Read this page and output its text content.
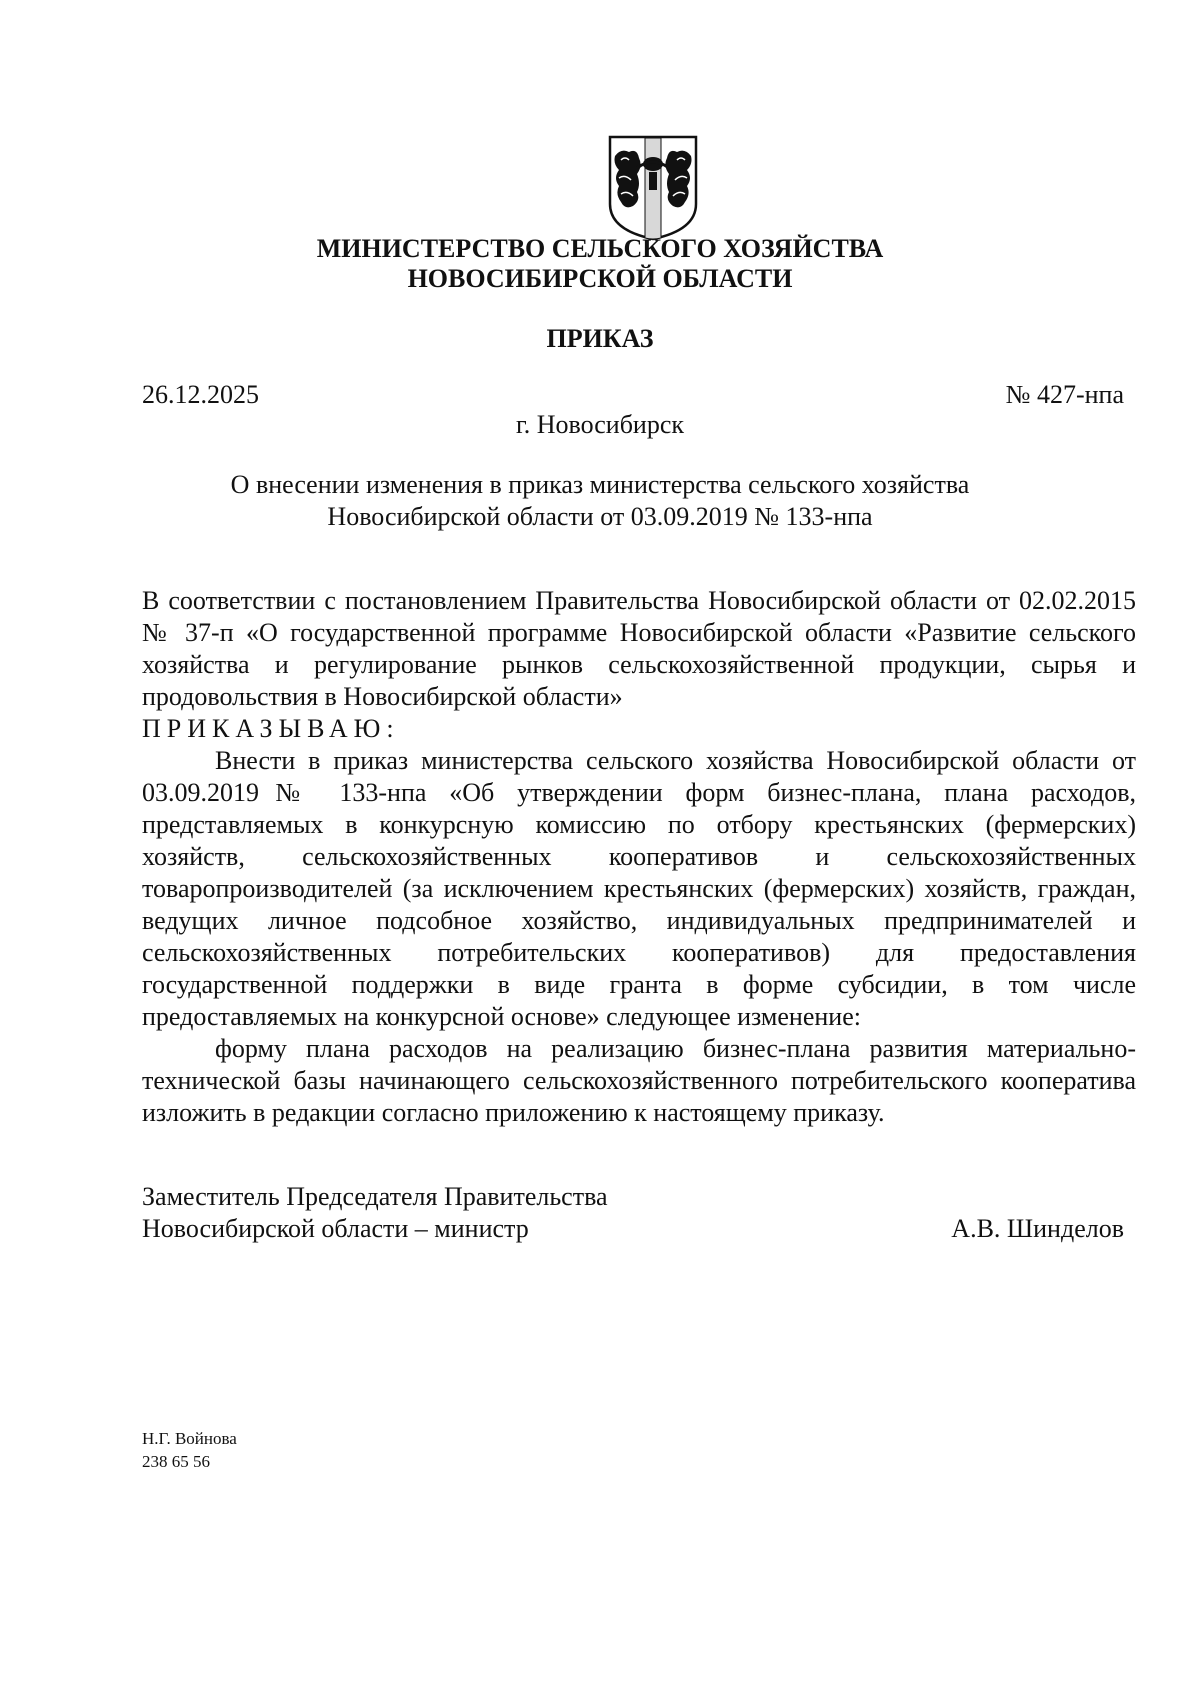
МИНИСТЕРСТВО СЕЛЬСКОГО ХОЗЯЙСТВА
НОВОСИБИРСКОЙ ОБЛАСТИ
ПРИКАЗ
26.12.2025	№ 427-нпа
г. Новосибирск
О внесении изменения в приказ министерства сельского хозяйства
Новосибирской области от 03.09.2019 № 133-нпа

В соответствии с постановлением Правительства Новосибирской области от 02.02.2015 № 37-п «О государственной программе Новосибирской области «Развитие сельского хозяйства и регулирование рынков сельскохозяйственной продукции, сырья и продовольствия в Новосибирской области»

ПРИКАЗЫВАЮ:

Внести в приказ министерства сельского хозяйства Новосибирской области от 03.09.2019№ 133-нпа «Об утверждении форм бизнес-плана, плана расходов, представляемых в конкурсную комиссию по отбору крестьянских (фермерских) хозяйств, сельскохозяйственных кооперативов и сельскохозяйственных товаропроизводителей (за исключением крестьянских (фермерских) хозяйств, граждан, ведущих личное подсобное хозяйство, индивидуальных предпринимателей и сельскохозяйственных потребительских кооперативов) для предоставления государственной поддержки в виде гранта в форме субсидии, в том числе предоставляемых на конкурсной основе» следующее изменение:

форму плана расходов на реализацию бизнес-плана развития материально-технической базы начинающего сельскохозяйственного потребительского кооператива изложить в редакции согласно приложению к настоящему приказу.

Заместитель Председателя Правительства
Новосибирской области – министр	А.В. Шинделов
Н.Г. Войнова
238 65 56
